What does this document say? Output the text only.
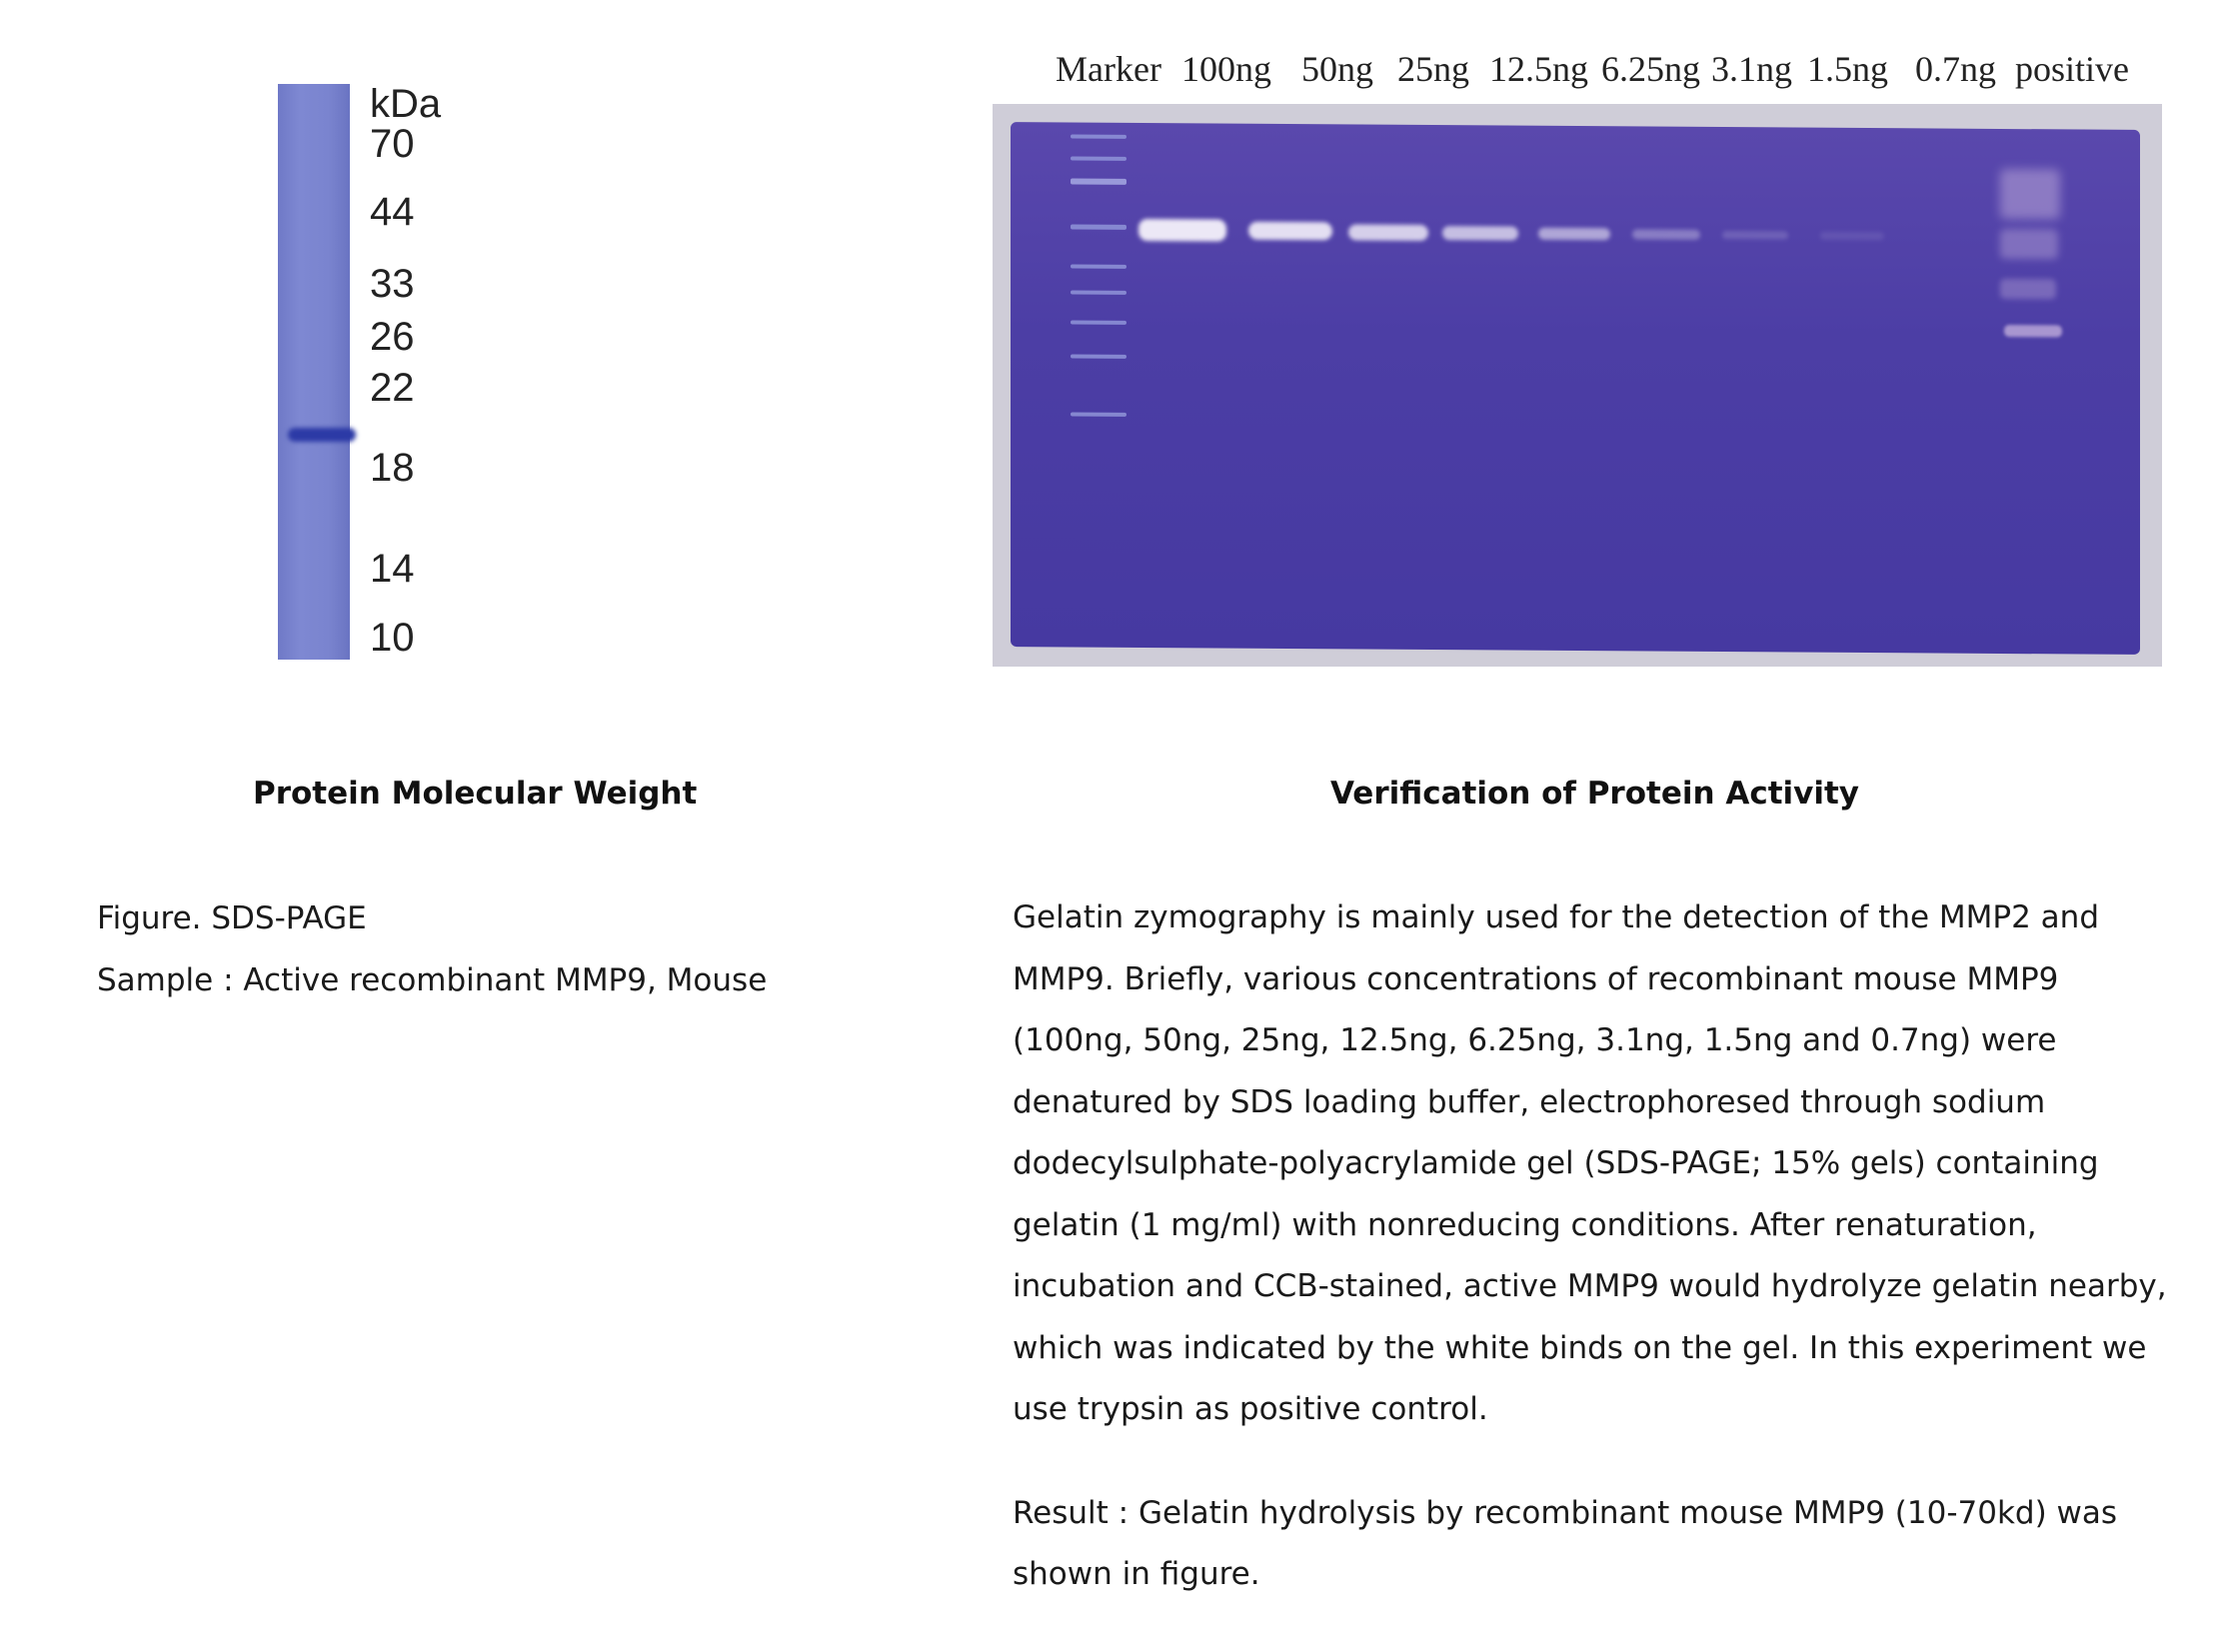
kDa
70
44
33
26
22
18
14
10
Marker 100ng 50ng 25ng 12.5ng 6.25ng 3.1ng 1.5ng 0.7ng positive
Protein Molecular Weight	Verification of Protein Activity
Figure. SDS-PAGE
Sample : Active recombinant MMP9, Mouse

Gelatin zymography is mainly used for the detection of the MMP2 and MMP9. Briefly, various concentrations of recombinant mouse MMP9 (100ng, 50ng, 25ng, 12.5ng, 6.25ng, 3.1ng, 1.5ng and 0.7ng) were denatured by SDS loading buffer, electrophoresed through sodium dodecylsulphate-polyacrylamide gel (SDS-PAGE; 15% gels) containing gelatin (1 mg/ml) with nonreducing conditions. After renaturation, incubation and CCB-stained, active MMP9 would hydrolyze gelatin nearby, which was indicated by the white binds on the gel. In this experiment we use trypsin as positive control.

Result : Gelatin hydrolysis by recombinant mouse MMP9 (10-70kd) was shown in figure.
